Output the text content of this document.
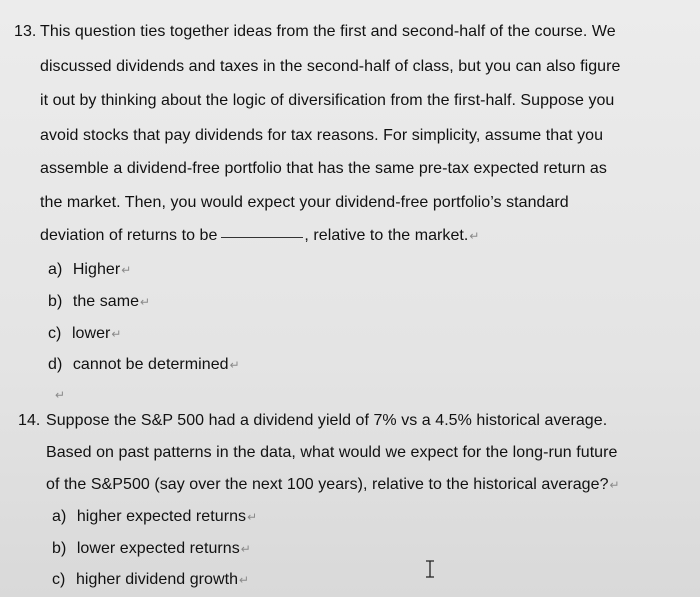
13. This question ties together ideas from the first and second-half of the course. We
discussed dividends and taxes in the second-half of class, but you can also figure
it out by thinking about the logic of diversification from the first-half. Suppose you
avoid stocks that pay dividends for tax reasons. For simplicity, assume that you
assemble a dividend-free portfolio that has the same pre-tax expected return as
the market. Then, you would expect your dividend-free portfolio’s standard
deviation of returns to be	, relative to the market.↵
a) Higher↵
b) the same↵
c) lower↵
d) cannot be determined↵
↵
14. Suppose the S&P 500 had a dividend yield of 7% vs a 4.5% historical average.
Based on past patterns in the data, what would we expect for the long-run future
of the S&P500 (say over the next 100 years), relative to the historical average?↵
a) higher expected returns↵
b) lower expected returns↵
c) higher dividend growth↵
